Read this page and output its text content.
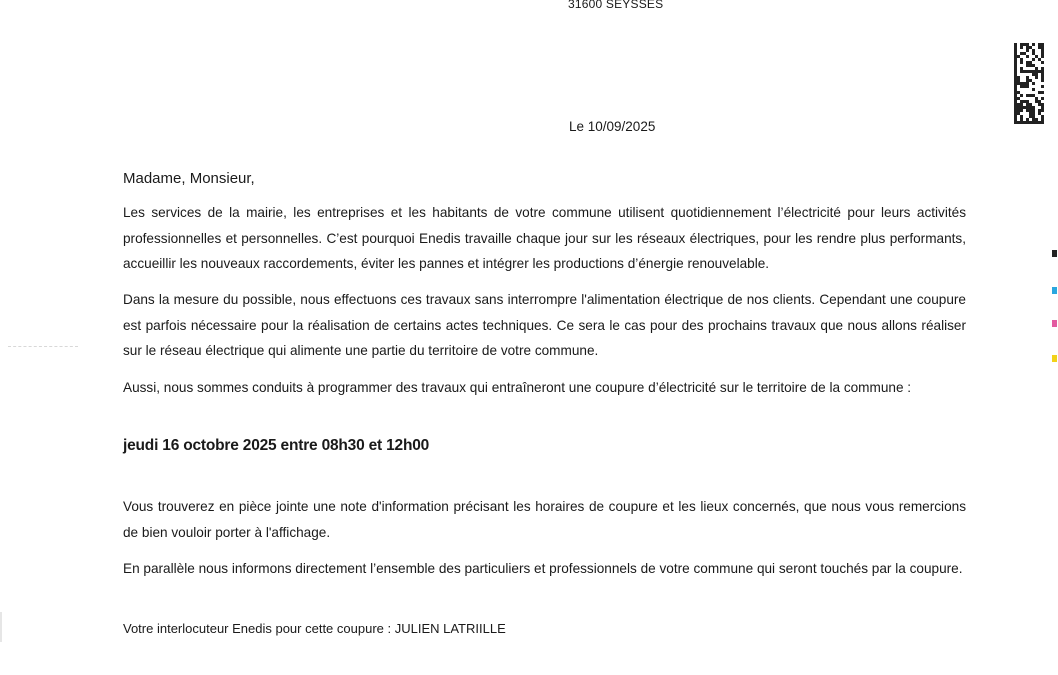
31600 SEYSSES
Le 10/09/2025
Madame, Monsieur,

Les services de la mairie, les entreprises et les habitants de votre commune utilisent quotidiennement l’électricité pour leurs activités professionnelles et personnelles. C’est pourquoi Enedis travaille chaque jour sur les réseaux électriques, pour les rendre plus performants, accueillir les nouveaux raccordements, éviter les pannes et intégrer les productions d’énergie renouvelable.

Dans la mesure du possible, nous effectuons ces travaux sans interrompre l'alimentation électrique de nos clients. Cependant une coupure est parfois nécessaire pour la réalisation de certains actes techniques. Ce sera le cas pour des prochains travaux que nous allons réaliser sur le réseau électrique qui alimente une partie du territoire de votre commune.

Aussi, nous sommes conduits à programmer des travaux qui entraîneront une coupure d’électricité sur le territoire de la commune :

jeudi 16 octobre 2025 entre 08h30 et 12h00

Vous trouverez en pièce jointe une note d'information précisant les horaires de coupure et les lieux concernés, que nous vous remercions de bien vouloir porter à l'affichage.

En parallèle nous informons directement l’ensemble des particuliers et professionnels de votre commune qui seront touchés par la coupure.

Votre interlocuteur Enedis pour cette coupure : JULIEN LATRIILLE
